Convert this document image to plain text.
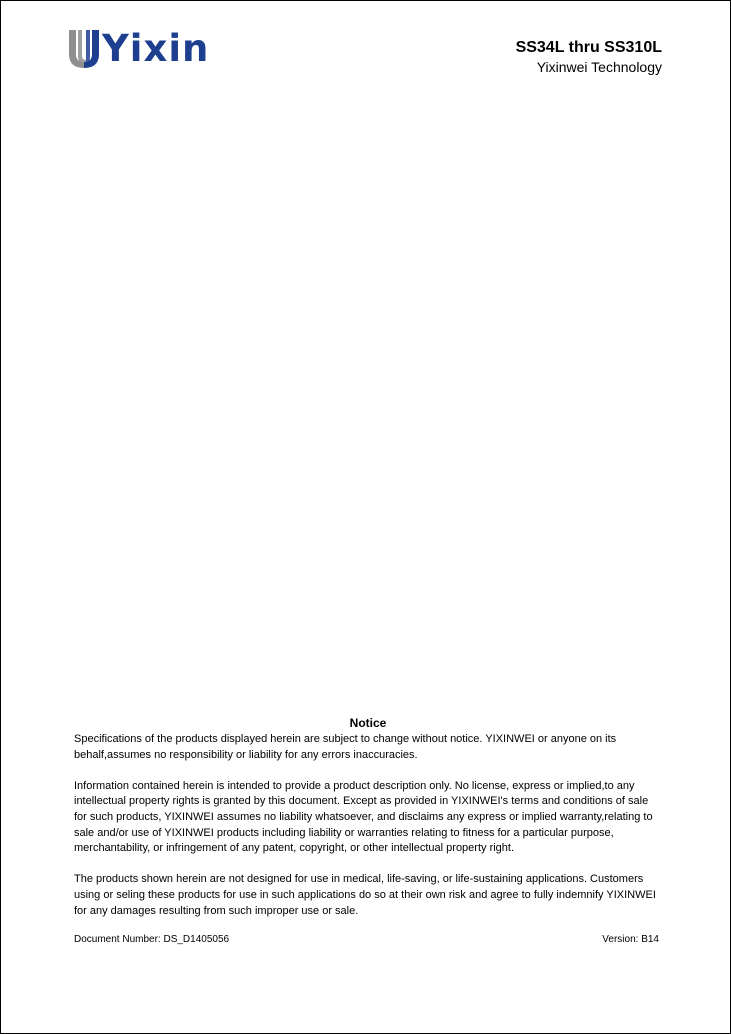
Yixin	SS34L thru SS310L
Yixinwei Technology
Notice

Specifications of the products displayed herein are subject to change without notice. YIXINWEI or anyone on its behalf,assumes no responsibility or liability for any errors inaccuracies.

Information contained herein is intended to provide a product description only. No license, express or implied,to any intellectual property rights is granted by this document. Except as provided in YIXINWEI's terms and conditions of sale for such products, YIXINWEI assumes no liability whatsoever, and disclaims any express or implied warranty,relating to sale and/or use of YIXINWEI products including liability or warranties relating to fitness for a particular purpose, merchantability, or infringement of any patent, copyright, or other intellectual property right.

The products shown herein are not designed for use in medical, life-saving, or life-sustaining applications. Customers using or seling these products for use in such applications do so at their own risk and agree to fully indemnify YIXINWEI for any damages resulting from such improper use or sale.

Document Number: DS_D1405056	Version: B14
